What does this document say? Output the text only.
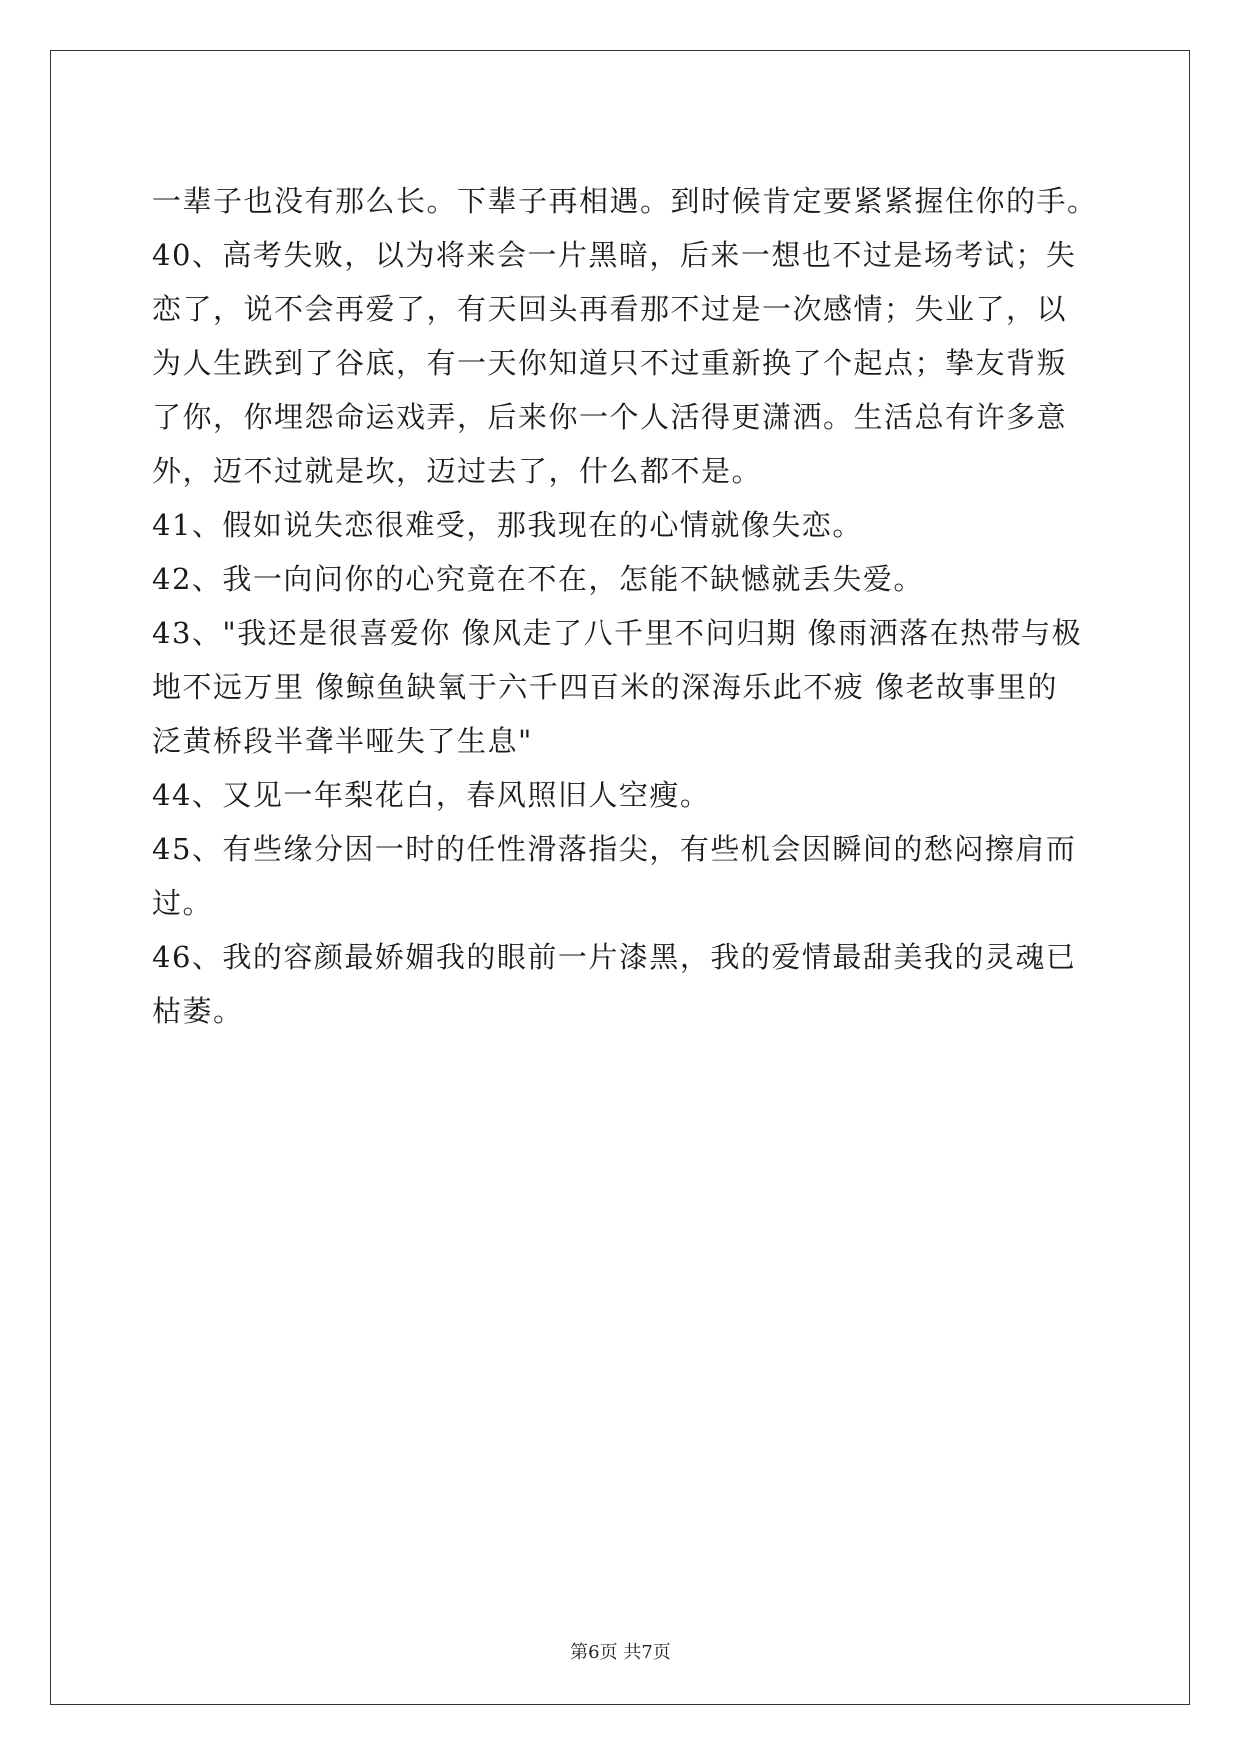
一辈子也没有那么长。下辈子再相遇。到时候肯定要紧紧握住你的手。
40、高考失败，以为将来会一片黑暗，后来一想也不过是场考试；失
恋了，说不会再爱了，有天回头再看那不过是一次感情；失业了，以
为人生跌到了谷底，有一天你知道只不过重新换了个起点；挚友背叛
了你，你埋怨命运戏弄，后来你一个人活得更潇洒。生活总有许多意
外，迈不过就是坎，迈过去了，什么都不是。
41、假如说失恋很难受，那我现在的心情就像失恋。
42、我一向问你的心究竟在不在，怎能不缺憾就丢失爱。
43、"我还是很喜爱你 像风走了八千里不问归期 像雨洒落在热带与极
地不远万里 像鲸鱼缺氧于六千四百米的深海乐此不疲 像老故事里的
泛黄桥段半聋半哑失了生息"
44、又见一年梨花白，春风照旧人空瘦。
45、有些缘分因一时的任性滑落指尖，有些机会因瞬间的愁闷擦肩而
过。
46、我的容颜最娇媚我的眼前一片漆黑，我的爱情最甜美我的灵魂已
枯萎。
第6页 共7页
